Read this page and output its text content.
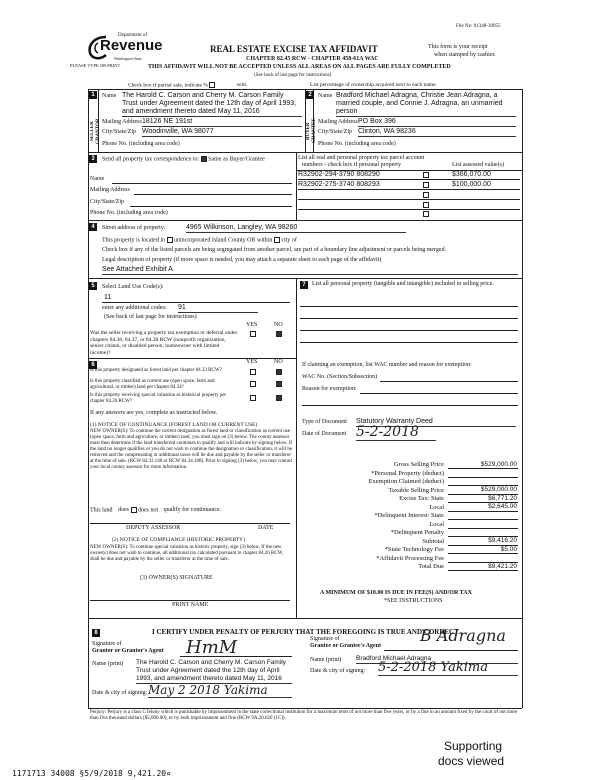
File No: 01348-39955
Department of
Revenue
Washington State
PLEASE TYPE OR PRINT
REAL ESTATE EXCISE TAX AFFIDAVIT
CHAPTER 82.45 RCW - CHAPTER 458-61A WAC
THIS AFFIDAVIT WILL NOT BE ACCEPTED UNLESS ALL AREAS ON ALL PAGES ARE FULLY COMPLETED
(See back of last page for instructions)
This form is your receipt
when stamped by cashier.
Check box if partial sale, indicate %	sold.	List percentage of ownership acquired next to each name.
1
SELLER GRANTOR
Name The Harold C. Carson and Cherry M. Carson Family
Trust under Agreement dated the 12th day of April 1993,
and amendment thereto dated May 11, 2016
Mailing Address 18126 NE 191st
City/State/Zip Woodinville, WA 98077
Phone No. (including area code)
2
BUYER GRANTEE
Name Bradford Michael Adragna, Christie Jean Adragna, a
married couple, and Connie J. Adragna, an unmarried
person
Mailing Address PO Box 396
City/State/Zip Clinton, WA 98236
Phone No. (including area code)
3	Send all property tax correspondence to: Same as Buyer/Grantee
Name
Mailing Address
City/State/Zip
Phone No. (including area code)
List all real and personal property tax parcel account
numbers - check box if personal property	List assessed value(s)
R32902-294-3790 808290	$366,070.00
R32902-275-3740 808293	$100,000.00
4	Street address of property:	4965 Wilkinson, Langley, WA 98260
This property is located in unincorporated Island County OR within city of
Check box if any of the listed parcels are being segregated from another parcel, are part of a boundary line adjustment or parcels being merged.
Legal description of property (if more space is needed, you may attach a separate sheet to each page of the affidavit)
See Attached Exhibit A
5	Select Land Use Code(s):
11
enter any additional codes: 91
(See back of last page for instructions)
YES	NO
Was the seller receiving a property tax exemption or deferral under chapters 84.36, 84.37, or 84.38 RCW (nonprofit organization, senior citizen, or disabled person, homeowner with limited income)?
6	YES	NO
Is this property designated as forest land per chapter 84.33 RCW?
Is this property classified as current use (open space, farm and agricultural, or timber) land per chapter 84.34?
Is this property receiving special valuation as historical property per chapter 84.26 RCW?
If any answers are yes, complete as instructed below.
(1) NOTICE OF CONTINUANCE (FOREST LAND OR CURRENT USE)
NEW OWNER(S): To continue the current designation as forest land or classification as current use (open space, farm and agriculture, or timber) land, you must sign on (3) below. The county assessor must then determine if the land transferred continues to qualify and will indicate by signing below. If the land no longer qualifies or you do not wish to continue the designation or classification, it will be removed and the compensating or additional taxes will be due and payable by the seller or transferor at the time of sale. (RCW 84.33.140 or RCW 84.34.108). Prior to signing (3) below, you may contact your local county assessor for more information.
This land does does not qualify for continuance.
DEPUTY ASSESSOR	DATE
(2) NOTICE OF COMPLIANCE (HISTORIC PROPERTY)
NEW OWNER(S): To continue special valuation as historic property, sign (3) below. If the new owner(s) does not wish to continue, all additional tax calculated pursuant to chapter 84.26 RCW, shall be due and payable by the seller or transferor at the time of sale.
(3) OWNER(S) SIGNATURE
PRINT NAME
7	List all personal property (tangible and intangible) included in selling price.
If claiming an exemption, list WAC number and reason for exemption:
WAC No. (Section/Subsection)
Reason for exemption:
Type of Document Statutory Warranty Deed
Date of Document 5-2-2018
Gross Selling Price	$529,000.00
*Personal Property (deduct)
Exemption Claimed (deduct)
Taxable Selling Price	$529,000.00
Excise Tax: State	$6,771.20
Local	$2,645.00
*Delinquent Interest: State
Local
*Delinquent Penalty
Subtotal	$9,416.20
*State Technology Fee	$5.00
*Affidavit Processing Fee
Total Due	$9,421.20
A MINIMUM OF $10.00 IS DUE IN FEE(S) AND/OR TAX
*SEE INSTRUCTIONS
8	I CERTIFY UNDER PENALTY OF PERJURY THAT THE FOREGOING IS TRUE AND CORRECT.
Signature of
Grantor or Grantor's Agent HmM
Name (print) The Harold C. Carson and Cherry M. Carson Family
Trust under Agreement dated the 12th day of April
1993, and amendment thereto dated May 11, 2016
Date & city of signing: May 2 2018 Yakima
Signature of
Grantee or Grantee's Agent
B Adragna
Name (print) Bradford Michael Adragna
Date & city of signing: 5-2-2018 Yakima
Perjury: Perjury is a class C felony which is punishable by imprisonment in the state correctional institution for a maximum term of not more than five years, or by a fine in an amount fixed by the court of not more than five thousand dollars ($5,000.00), or by both imprisonment and fine (RCW 9A.20.020 (1C)).
Supporting
docs viewed
1171713 34008 §5/9/2018 9,421.20¤
